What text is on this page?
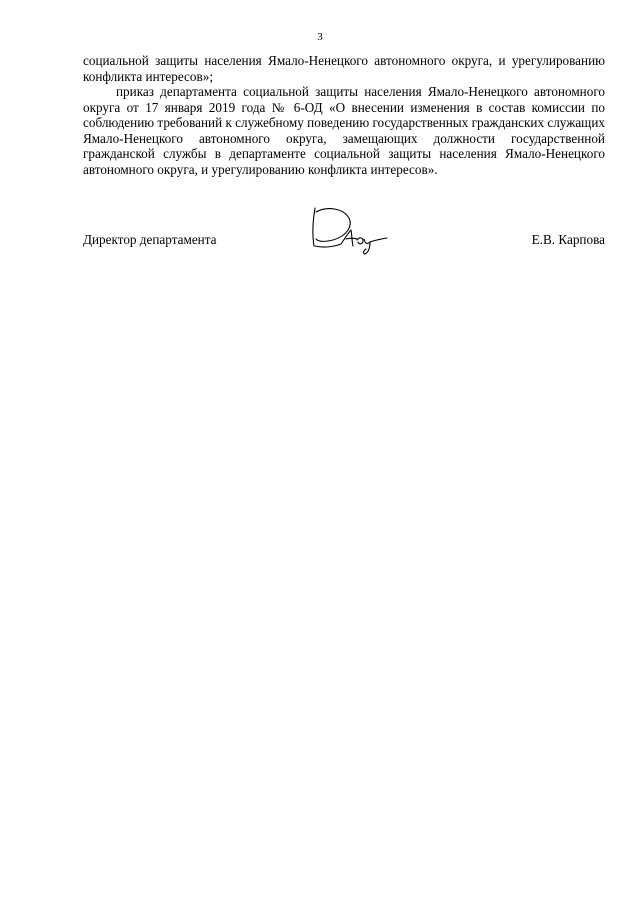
3

социальной защиты населения Ямало-Ненецкого автономного округа, и урегулированию конфликта интересов»;

приказ департамента социальной защиты населения Ямало-Ненецкого автономного округа от 17 января 2019 года № 6-ОД «О внесении изменения в состав комиссии по соблюдению требований к служебному поведению государственных гражданских служащих Ямало-Ненецкого автономного округа, замещающих должности государственной гражданской службы в департаменте социальной защиты населения Ямало-Ненецкого автономного округа, и урегулированию конфликта интересов».

Директор департамента	Е.В. Карпова
